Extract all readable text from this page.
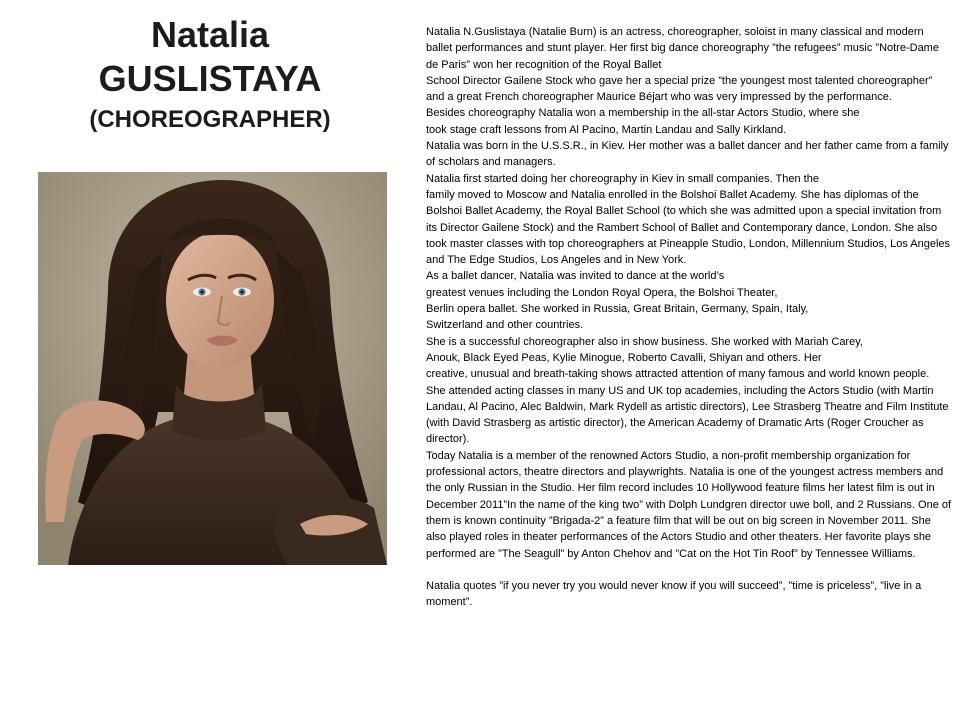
Natalia
GUSLISTAYA
(CHOREOGRAPHER)

Natalia N.Guslistaya (Natalie Burn) is an actress, choreographer, soloist in many classical and modern ballet performances and stunt player. Her first big dance choreography ”the refugees” music ”Notre-Dame de Paris” won her recognition of the Royal Ballet

School Director Gailene Stock who gave her a special prize ”the youngest most talented choreographer” and a great French choreographer Maurice Béjart who was very impressed by the performance.

Besides choreography Natalia won a membership in the all-star Actors Studio, where she

took stage craft lessons from Al Pacino, Martin Landau and Sally Kirkland.

Natalia was born in the U.S.S.R., in Kiev. Her mother was a ballet dancer and her father came from a family of scholars and managers.

Natalia first started doing her choreography in Kiev in small companies. Then the

family moved to Moscow and Natalia enrolled in the Bolshoi Ballet Academy. She has diplomas of the Bolshoi Ballet Academy, the Royal Ballet School (to which she was admitted upon a special invitation from its Director Gailene Stock) and the Rambert School of Ballet and Contemporary dance, London. She also took master classes with top choreographers at Pineapple Studio, London, Millennium Studios, Los Angeles and The Edge Studios, Los Angeles and in New York.

As a ballet dancer, Natalia was invited to dance at the world’s

greatest venues including the London Royal Opera, the Bolshoi Theater,

Berlin opera ballet. She worked in Russia, Great Britain, Germany, Spain, Italy,

Switzerland and other countries.

She is a successful choreographer also in show business. She worked with Mariah Carey,

Anouk, Black Eyed Peas, Kylie Minogue, Roberto Cavalli, Shiyan and others. Her

creative, unusual and breath-taking shows attracted attention of many famous and world known people.

She attended acting classes in many US and UK top academies, including the Actors Studio (with Martin Landau, Al Pacino, Alec Baldwin, Mark Rydell as artistic directors), Lee Strasberg Theatre and Film Institute (with David Strasberg as artistic director), the American Academy of Dramatic Arts (Roger Croucher as director).

Today Natalia is a member of the renowned Actors Studio, a non-profit membership organization for professional actors, theatre directors and playwrights. Natalia is one of the youngest actress members and the only Russian in the Studio. Her film record includes 10 Hollywood feature films her latest film is out in December 2011”In the name of the king two” with Dolph Lundgren director uwe boll, and 2 Russians. One of them is known continuity ”Brigada-2” a feature film that will be out on big screen in November 2011. She also played roles in theater performances of the Actors Studio and other theaters. Her favorite plays she performed are ”The Seagull” by Anton Chehov and ”Cat on the Hot Tin Roof” by Tennessee Williams.

Natalia quotes ”if you never try you would never know if you will succeed”, ”time is priceless”, ”live in a moment”.
